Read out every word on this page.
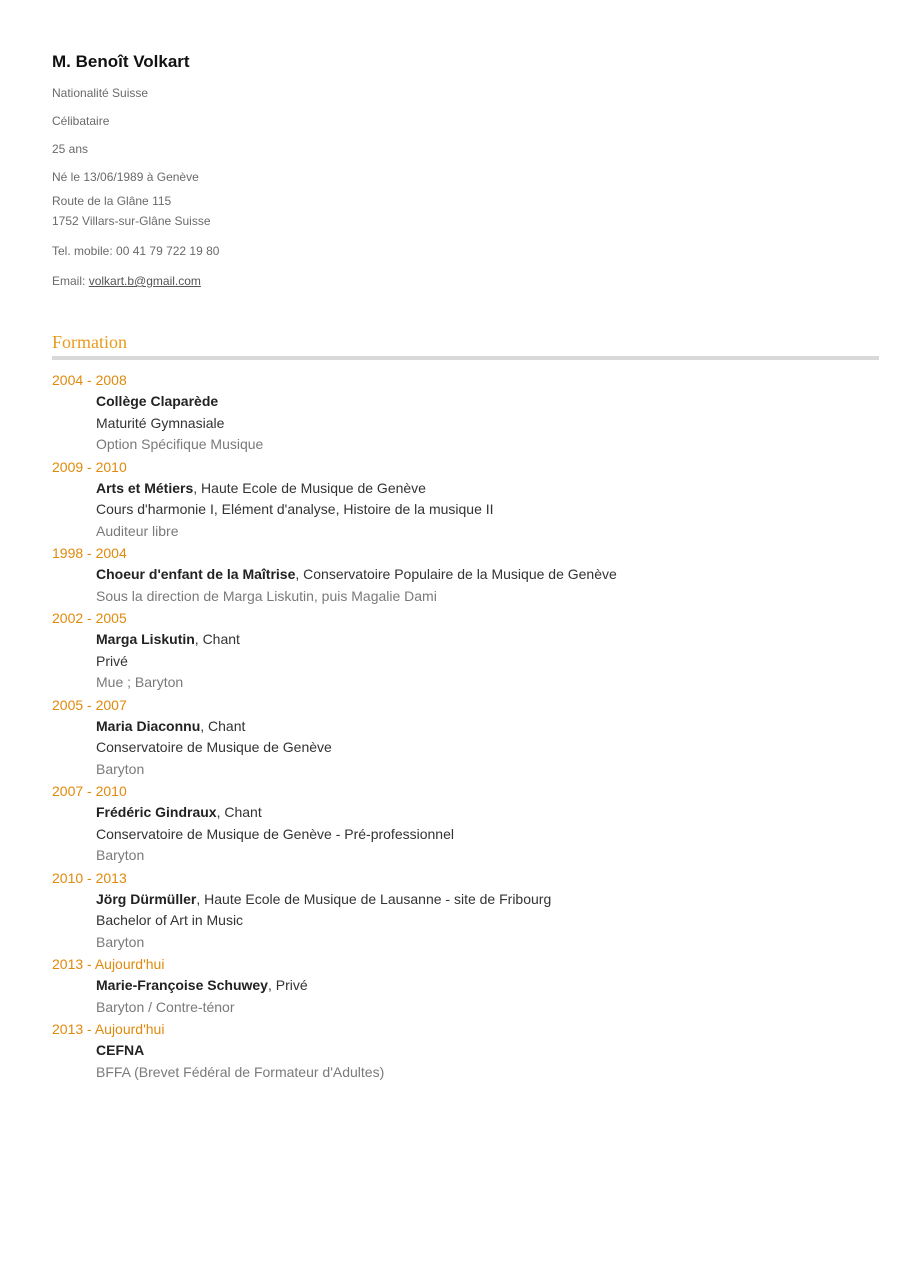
M. Benoît Volkart
Nationalité Suisse
Célibataire
25 ans
Né le 13/06/1989 à Genève
Route de la Glâne 115
1752 Villars-sur-Glâne Suisse
Tel. mobile: 00 41 79 722 19 80
Email: volkart.b@gmail.com
Formation
2004 - 2008
Collège Claparède
Maturité Gymnasiale
Option Spécifique Musique
2009 - 2010
Arts et Métiers, Haute Ecole de Musique de Genève
Cours d'harmonie I, Elément d'analyse, Histoire de la musique II
Auditeur libre
1998 - 2004
Choeur d'enfant de la Maîtrise, Conservatoire Populaire de la Musique de Genève
Sous la direction de Marga Liskutin, puis Magalie Dami
2002 - 2005
Marga Liskutin, Chant
Privé
Mue ; Baryton
2005 - 2007
Maria Diaconnu, Chant
Conservatoire de Musique de Genève
Baryton
2007 - 2010
Frédéric Gindraux, Chant
Conservatoire de Musique de Genève - Pré-professionnel
Baryton
2010 - 2013
Jörg Dürmüller, Haute Ecole de Musique de Lausanne - site de Fribourg
Bachelor of Art in Music
Baryton
2013 - Aujourd'hui
Marie-Françoise Schuwey, Privé
Baryton / Contre-ténor
2013 - Aujourd'hui
CEFNA
BFFA (Brevet Fédéral de Formateur d'Adultes)
